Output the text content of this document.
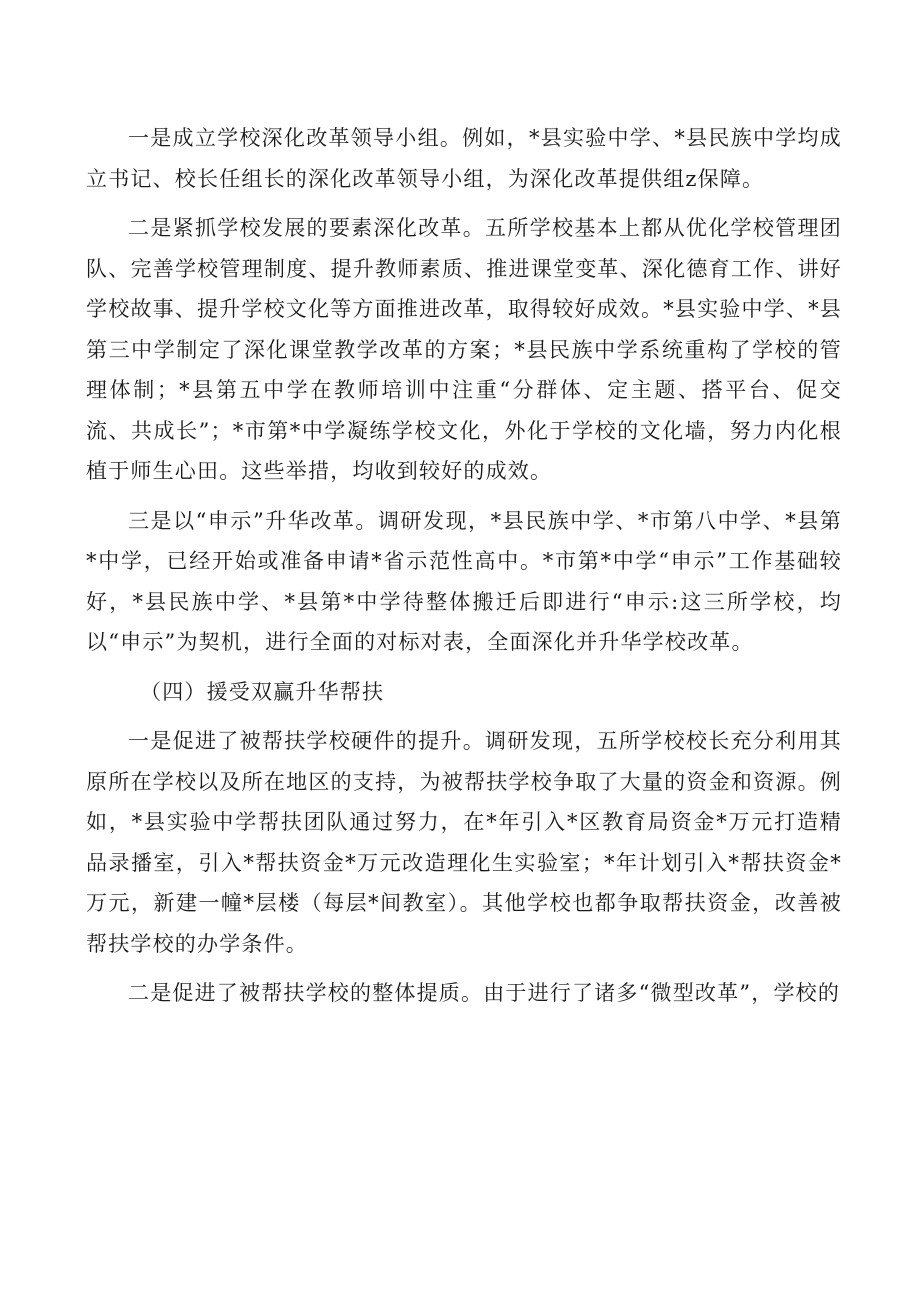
一是成立学校深化改革领导小组。例如，*县实验中学、*县民族中学均成立书记、校长任组长的深化改革领导小组，为深化改革提供组z保障。

二是紧抓学校发展的要素深化改革。五所学校基本上都从优化学校管理团队、完善学校管理制度、提升教师素质、推进课堂变革、深化德育工作、讲好学校故事、提升学校文化等方面推进改革，取得较好成效。*县实验中学、*县第三中学制定了深化课堂教学改革的方案；*县民族中学系统重构了学校的管理体制；*县第五中学在教师培训中注重“分群体、定主题、搭平台、促交流、共成长”；*市第*中学凝练学校文化，外化于学校的文化墙，努力内化根植于师生心田。这些举措，均收到较好的成效。

三是以“申示”升华改革。调研发现，*县民族中学、*市第八中学、*县第*中学，已经开始或准备申请*省示范性高中。*市第*中学“申示”工作基础较好，*县民族中学、*县第*中学待整体搬迁后即进行“申示:这三所学校，均以“申示”为契机，进行全面的对标对表，全面深化并升华学校改革。

（四）援受双赢升华帮扶

一是促进了被帮扶学校硬件的提升。调研发现，五所学校校长充分利用其原所在学校以及所在地区的支持，为被帮扶学校争取了大量的资金和资源。例如，*县实验中学帮扶团队通过努力，在*年引入*区教育局资金*万元打造精品录播室，引入*帮扶资金*万元改造理化生实验室；*年计划引入*帮扶资金*万元，新建一幢*层楼（每层*间教室）。其他学校也都争取帮扶资金，改善被帮扶学校的办学条件。

二是促进了被帮扶学校的整体提质。由于进行了诸多“微型改革”，学校的
